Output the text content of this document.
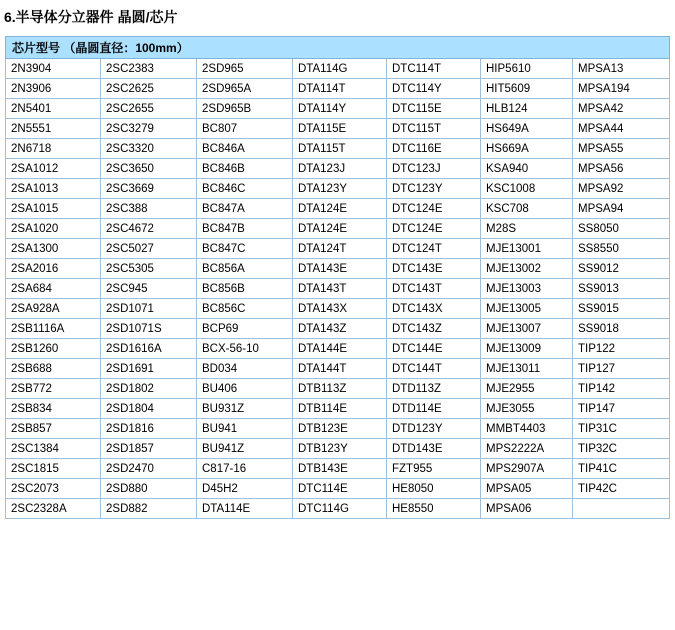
6.半导体分立器件 晶圆/芯片
芯片型号 （晶圆直径：100mm）						
2N3904	2SC2383	2SD965	DTA114G	DTC114T	HIP5610	MPSA13
2N3906	2SC2625	2SD965A	DTA114T	DTC114Y	HIT5609	MPSA194
2N5401	2SC2655	2SD965B	DTA114Y	DTC115E	HLB124	MPSA42
2N5551	2SC3279	BC807	DTA115E	DTC115T	HS649A	MPSA44
2N6718	2SC3320	BC846A	DTA115T	DTC116E	HS669A	MPSA55
2SA1012	2SC3650	BC846B	DTA123J	DTC123J	KSA940	MPSA56
2SA1013	2SC3669	BC846C	DTA123Y	DTC123Y	KSC1008	MPSA92
2SA1015	2SC388	BC847A	DTA124E	DTC124E	KSC708	MPSA94
2SA1020	2SC4672	BC847B	DTA124E	DTC124E	M28S	SS8050
2SA1300	2SC5027	BC847C	DTA124T	DTC124T	MJE13001	SS8550
2SA2016	2SC5305	BC856A	DTA143E	DTC143E	MJE13002	SS9012
2SA684	2SC945	BC856B	DTA143T	DTC143T	MJE13003	SS9013
2SA928A	2SD1071	BC856C	DTA143X	DTC143X	MJE13005	SS9015
2SB1116A	2SD1071S	BCP69	DTA143Z	DTC143Z	MJE13007	SS9018
2SB1260	2SD1616A	BCX-56-10	DTA144E	DTC144E	MJE13009	TIP122
2SB688	2SD1691	BD034	DTA144T	DTC144T	MJE13011	TIP127
2SB772	2SD1802	BU406	DTB113Z	DTD113Z	MJE2955	TIP142
2SB834	2SD1804	BU931Z	DTB114E	DTD114E	MJE3055	TIP147
2SB857	2SD1816	BU941	DTB123E	DTD123Y	MMBT4403	TIP31C
2SC1384	2SD1857	BU941Z	DTB123Y	DTD143E	MPS2222A	TIP32C
2SC1815	2SD2470	C817-16	DTB143E	FZT955	MPS2907A	TIP41C
2SC2073	2SD880	D45H2	DTC114E	HE8050	MPSA05	TIP42C
2SC2328A	2SD882	DTA114E	DTC114G	HE8550	MPSA06	
